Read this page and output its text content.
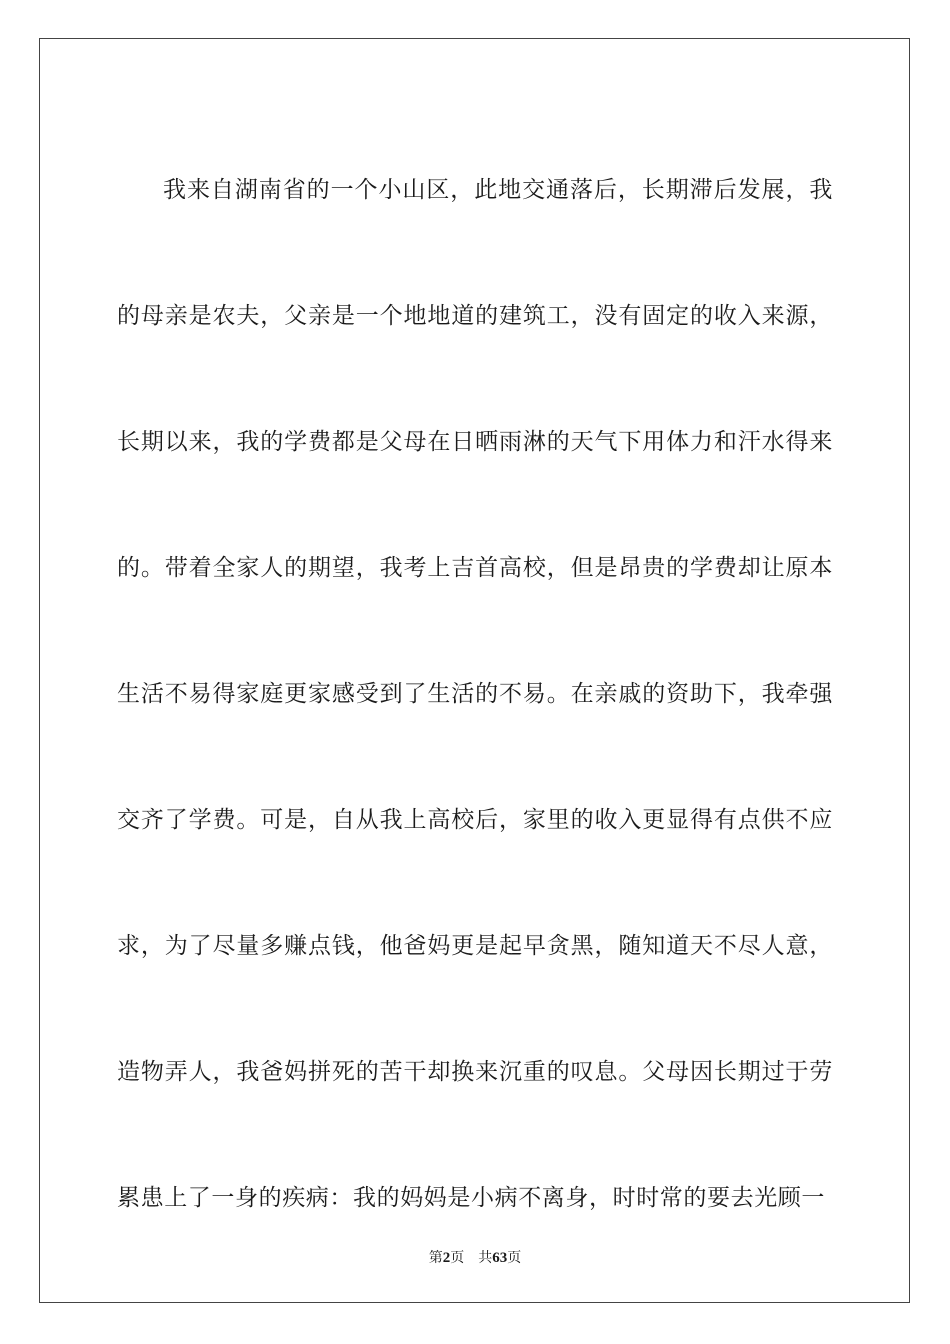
我来自湖南省的一个小山区，此地交通落后，长期滞后发展，我的母亲是农夫，父亲是一个地地道的建筑工，没有固定的收入来源，长期以来，我的学费都是父母在日晒雨淋的天气下用体力和汗水得来的。带着全家人的期望，我考上吉首高校，但是昂贵的学费却让原本生活不易得家庭更家感受到了生活的不易。在亲戚的资助下，我牵强交齐了学费。可是，自从我上高校后，家里的收入更显得有点供不应求，为了尽量多赚点钱，他爸妈更是起早贪黑，随知道天不尽人意，造物弄人，我爸妈拼死的苦干却换来沉重的叹息。父母因长期过于劳累患上了一身的疾病：我的妈妈是小病不离身，时时常的要去光顾一

第2页 共63页
